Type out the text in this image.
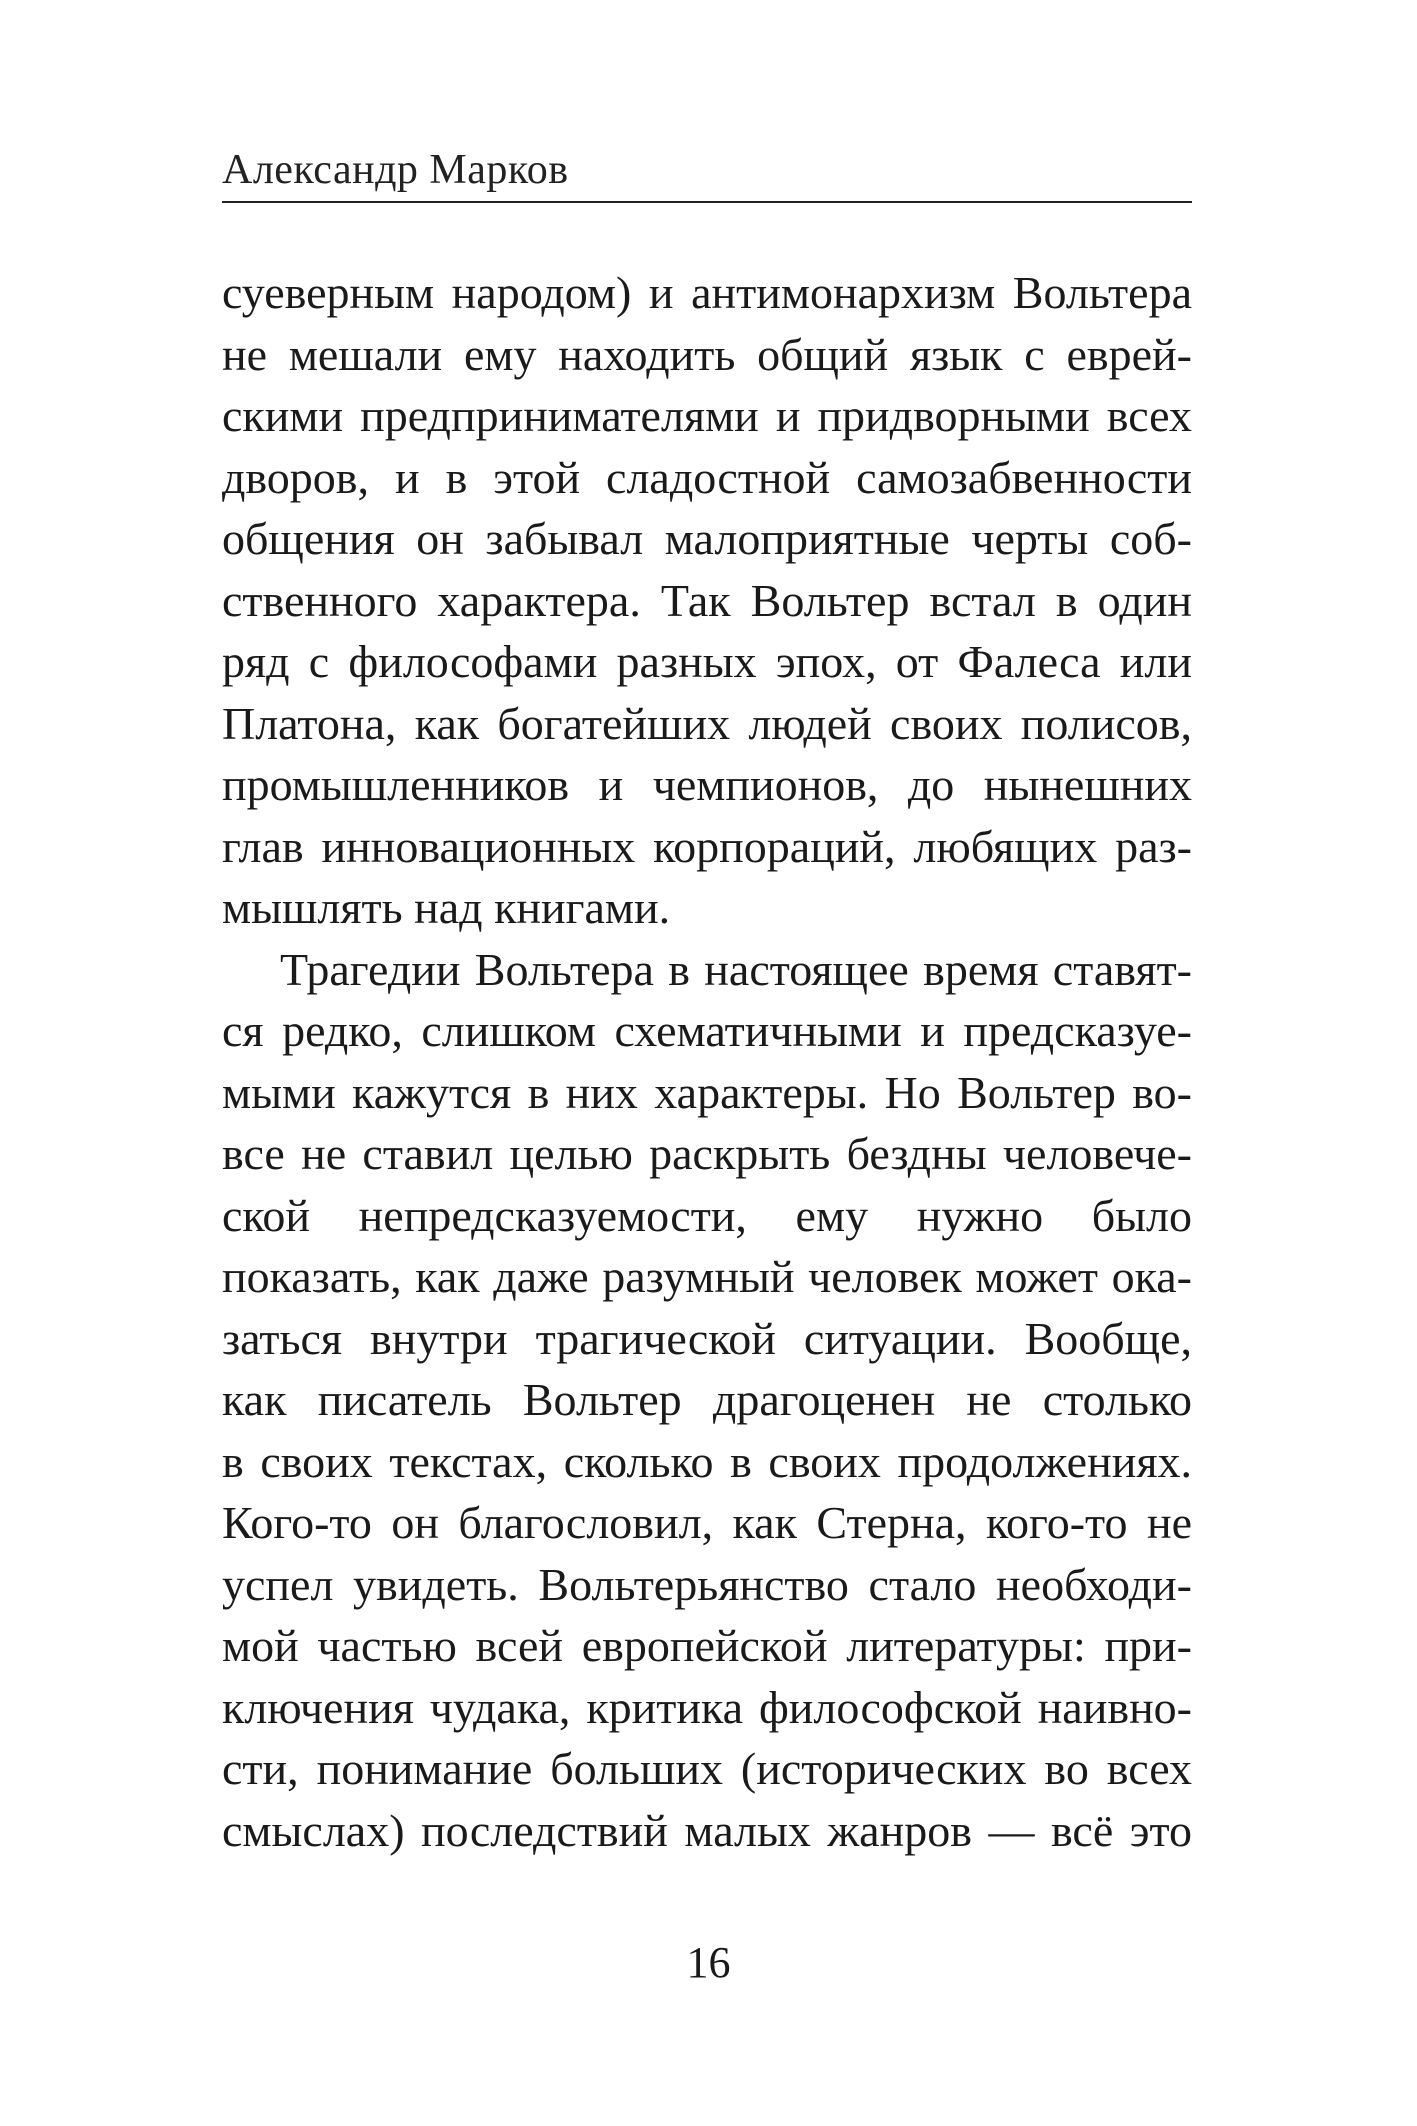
Александр Марков
суеверным народом) и антимонархизм Вольтера
не мешали ему находить общий язык с еврей-
скими предпринимателями и придворными всех
дворов, и в этой сладостной самозабвенности
общения он забывал малоприятные черты соб-
ственного характера. Так Вольтер встал в один
ряд с философами разных эпох, от Фалеса или
Платона, как богатейших людей своих полисов,
промышленников и чемпионов, до нынешних
глав инновационных корпораций, любящих раз-
мышлять над книгами.
Трагедии Вольтера в настоящее время ставят-
ся редко, слишком схематичными и предсказуе-
мыми кажутся в них характеры. Но Вольтер во-
все не ставил целью раскрыть бездны человече-
ской непредсказуемости, ему нужно было
показать, как даже разумный человек может ока-
заться внутри трагической ситуации. Вообще,
как писатель Вольтер драгоценен не столько
в своих текстах, сколько в своих продолжениях.
Кого-то он благословил, как Стерна, кого-то не
успел увидеть. Вольтерьянство стало необходи-
мой частью всей европейской литературы: при-
ключения чудака, критика философской наивно-
сти, понимание больших (исторических во всех
смыслах) последствий малых жанров — всё это
16
